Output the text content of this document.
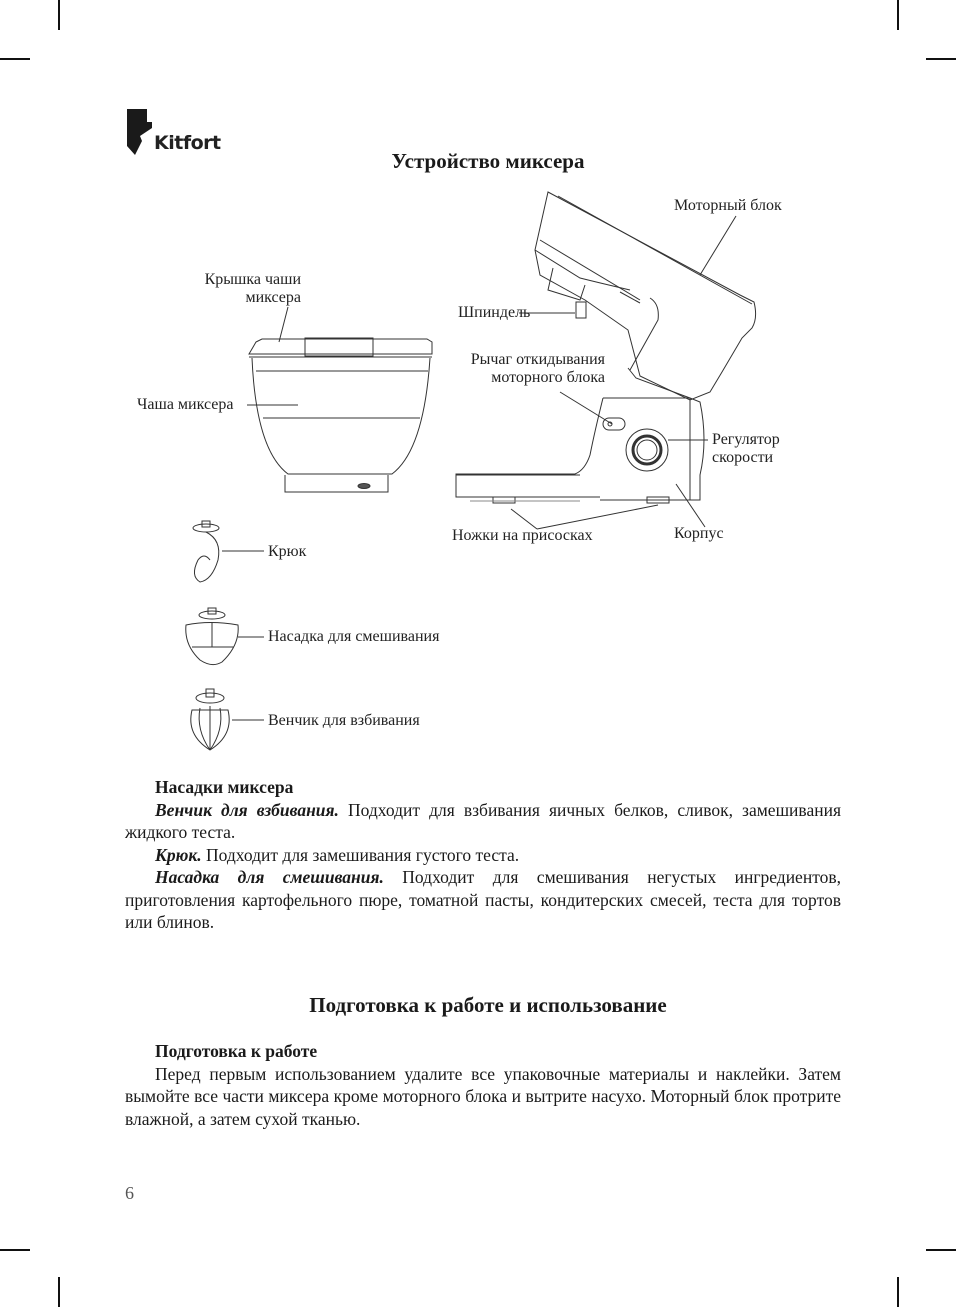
Kitfort
Устройство миксера
Моторный блок
Крышка чаши
миксера
Шпиндель
Рычаг откидывания
моторного блока
Чаша миксера
Регулятор
скорости
Ножки на присосках	Корпус
Крюк
Насадка для смешивания
Венчик для взбивания

Насадки миксера

Венчик для взбивания. Подходит для взбивания яичных белков, сливок, замешивания жидкого теста.

Крюк. Подходит для замешивания густого теста.

Насадка для смешивания. Подходит для смешивания негустых ингредиентов, приготовления картофельного пюре, томатной пасты, кондитерских смесей, теста для тортов или блинов.

Подготовка к работе и использование

Подготовка к работе

Перед первым использованием удалите все упаковочные материалы и наклейки. Затем вымойте все части миксера кроме моторного блока и вытрите насухо. Моторный блок протрите влажной, а затем сухой тканью.

6
